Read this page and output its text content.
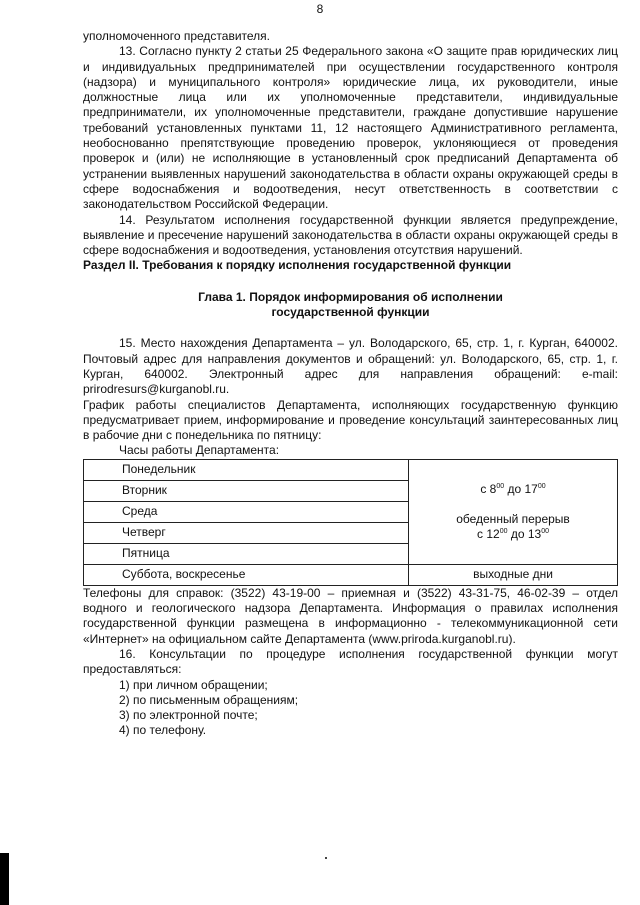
8

уполномоченного представителя.

13. Согласно пункту 2 статьи 25 Федерального закона «О защите прав юридических лиц и индивидуальных предпринимателей при осуществлении государственного контроля (надзора) и муниципального контроля» юридические лица, их руководители, иные должностные лица или их уполномоченные представители, индивидуальные предприниматели, их уполномоченные представители, граждане допустившие нарушение требований установленных пунктами 11, 12 настоящего Административного регламента, необоснованно препятствующие проведению проверок, уклоняющиеся от проведения проверок и (или) не исполняющие в установленный срок предписаний Департамента об устранении выявленных нарушений законодательства в области охраны окружающей среды в сфере водоснабжения и водоотведения, несут ответственность в соответствии с законодательством Российской Федерации.

14. Результатом исполнения государственной функции является предупреждение, выявление и пресечение нарушений законодательства в области охраны окружающей среды в сфере водоснабжения и водоотведения, установления отсутствия нарушений.

Раздел II. Требования к порядку исполнения государственной функции

Глава 1. Порядок информирования об исполнении
государственной функции

15. Место нахождения Департамента – ул. Володарского, 65, стр. 1, г. Курган, 640002. Почтовый адрес для направления документов и обращений: ул. Володарского, 65, стр. 1, г. Курган, 640002. Электронный адрес для направления обращений: e-mail: prirodresurs@kurganobl.ru.

График работы специалистов Департамента, исполняющих государственную функцию предусматривает прием, информирование и проведение консультаций заинтересованных лиц в рабочие дни с понедельника по пятницу:

Часы работы Департамента:

Понедельник	с $8^{00}$ до $17^{00}$
обеденный перерыв
с $12^{00}$ до $13^{00}$

Вторник	
Среда	
Четверг	
Пятница	
Суббота, воскресенье	выходные дни

Телефоны для справок: (3522) 43-19-00 – приемная и (3522) 43-31-75, 46-02-39 – отдел водного и геологического надзора Департамента. Информация о правилах исполнения государственной функции размещена в информационно - телекоммуникационной сети «Интернет» на официальном сайте Департамента (www.priroda.kurganobl.ru).

16. Консультации по процедуре исполнения государственной функции могут предоставляться:

1) при личном обращении;

2) по письменным обращениям;

3) по электронной почте;

4) по телефону.
